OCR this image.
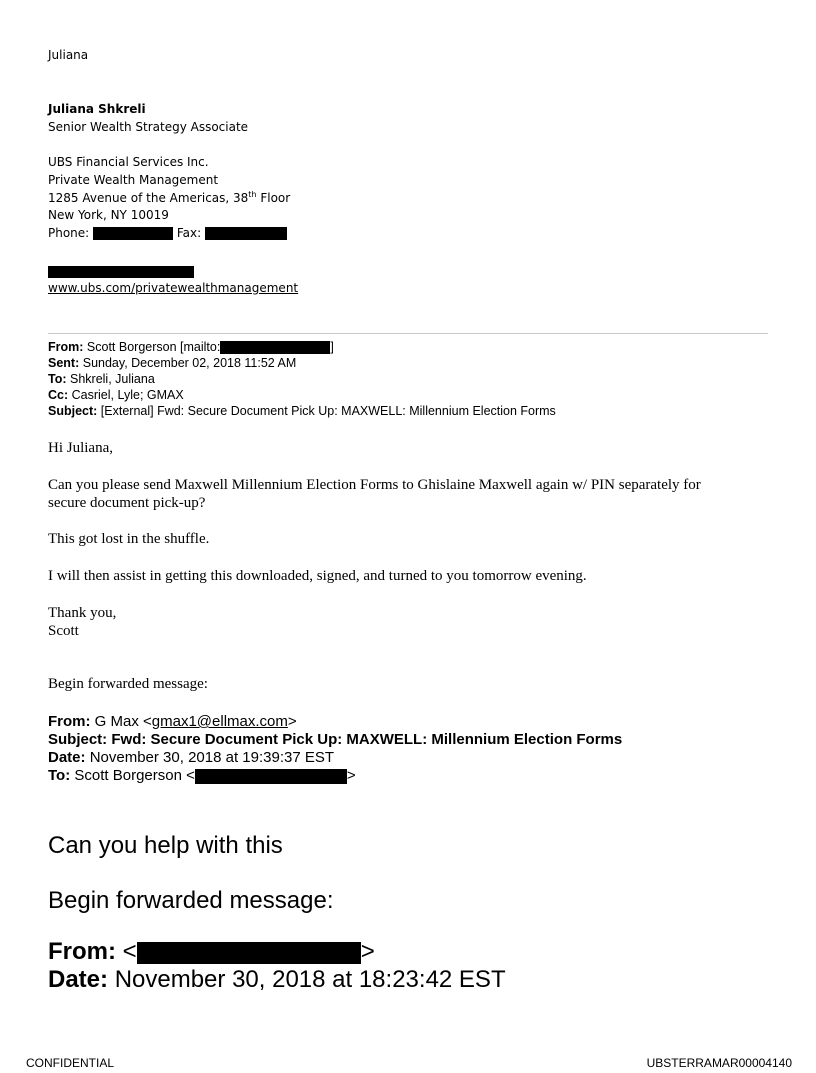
Juliana
Juliana Shkreli
Senior Wealth Strategy Associate
UBS Financial Services Inc.
Private Wealth Management
1285 Avenue of the Americas, 38th Floor
New York, NY 10019
Phone:	Fax:
www.ubs.com/privatewealthmanagement
From: Scott Borgerson [mailto:	]
Sent: Sunday, December 02, 2018 11:52 AM
To: Shkreli, Juliana
Cc: Casriel, Lyle; GMAX
Subject: [External] Fwd: Secure Document Pick Up: MAXWELL: Millennium Election Forms
Hi Juliana,
Can you please send Maxwell Millennium Election Forms to Ghislaine Maxwell again w/ PIN separately for
secure document pick-up?
This got lost in the shuffle.
I will then assist in getting this downloaded, signed, and turned to you tomorrow evening.
Thank you,
Scott
Begin forwarded message:
From: G Max <gmax1@ellmax.com>
Subject: Fwd: Secure Document Pick Up: MAXWELL: Millennium Election Forms
Date: November 30, 2018 at 19:39:37 EST
To: Scott Borgerson <	>
Can you help with this
Begin forwarded message:
From: <	>
Date: November 30, 2018 at 18:23:42 EST
CONFIDENTIAL	UBSTERRAMAR00004140
